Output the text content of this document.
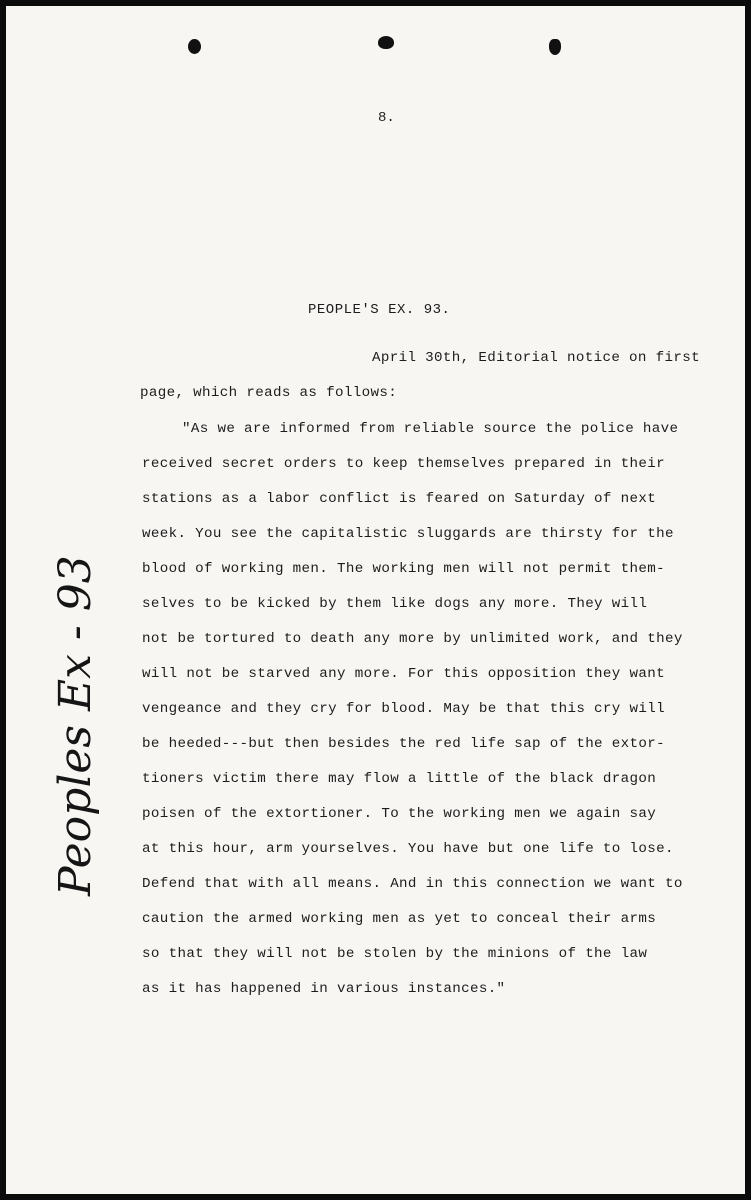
8.
PEOPLE'S EX. 93.
April 30th, Editorial notice on first
page, which reads as follows:
"As we are informed from reliable source the police have
received secret orders to keep themselves prepared in their
stations as a labor conflict is feared on Saturday of next
week. You see the capitalistic sluggards are thirsty for the
blood of working men. The working men will not permit them-
selves to be kicked by them like dogs any more. They will
not be tortured to death any more by unlimited work, and they
will not be starved any more. For this opposition they want
vengeance and they cry for blood. May be that this cry will
be heeded---but then besides the red life sap of the extor-
tioners victim there may flow a little of the black dragon
poisen of the extortioner. To the working men we again say
at this hour, arm yourselves. You have but one life to lose.
Defend that with all means. And in this connection we want to
caution the armed working men as yet to conceal their arms
so that they will not be stolen by the minions of the law
as it has happened in various instances."
Peoples Ex - 93
